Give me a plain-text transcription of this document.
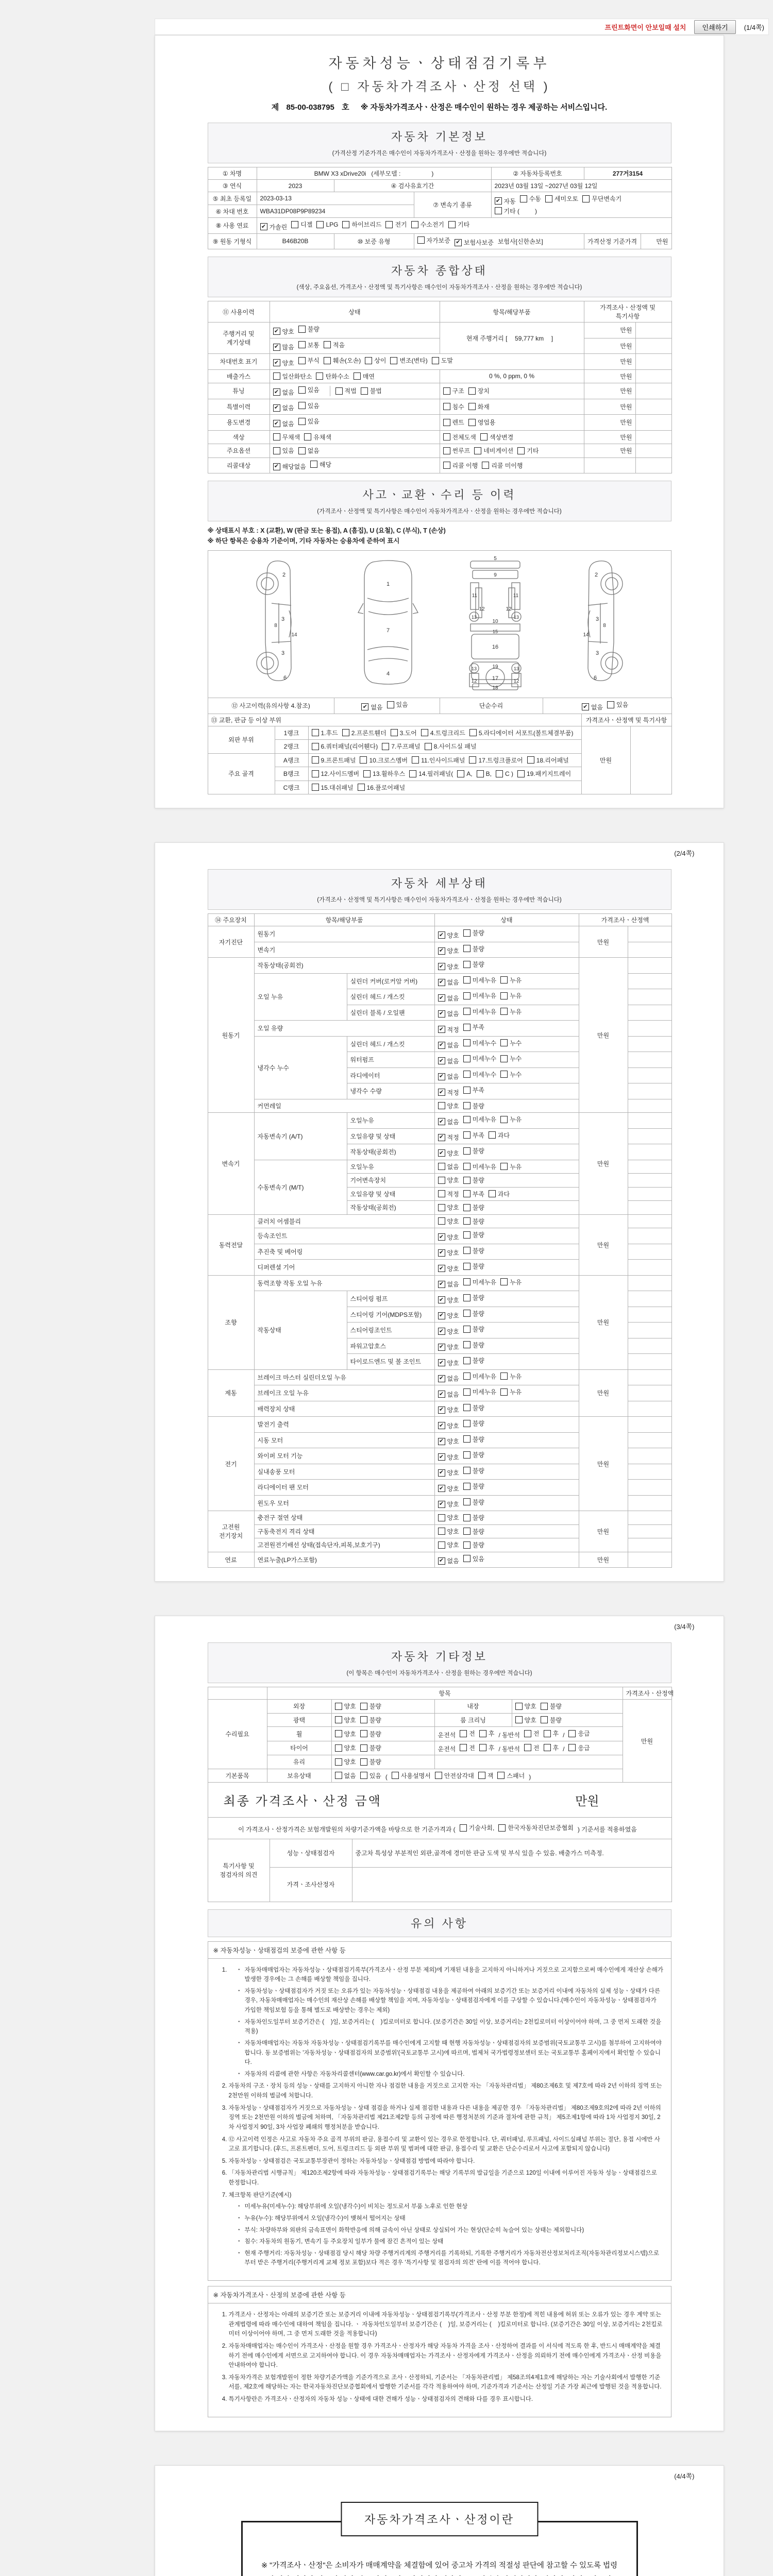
프린트화면이 안보일때 설치	인쇄하기	(1/4쪽)
자동차성능ㆍ상태점검기록부
( □ 자동차가격조사ㆍ산정 선택 )
제 85-00-038795 호 ※ 자동차가격조사ㆍ산정은 매수인이 원하는 경우 제공하는 서비스입니다.
자동차 기본정보
(가격산정 기준가격은 매수인이 자동차가격조사ㆍ산정을 원하는 경우에만 적습니다)
① 차명	BMW X3 xDrive20i (세부모델 :                  )			② 자동차등록번호	277거3154	
③ 연식	2023	④ 검사유효기간		2023년 03월 13일 ~2027년 03월 12일		
⑤ 최초 등록일	2023-03-13	⑦ 변속기 종류	
✔ 자동 수동 세미오토 무단변속기
기타 (         )

⑥ 차대 번호	WBA31DP08P9P89234					
⑧ 사용 연료	✔ 가솔린 디젤 LPG 하이브리드 전기 수소전기 기타

⑨ 원동 기형식	B46B20B	⑩ 보증 유형	자가보증 ✔ 보험사보증 보험사[신한손보]		가격산정 기준가격	만원
자동차 종합상태
(색상, 주요옵션, 가격조사ㆍ산정액 및 특기사항은 매수인이 자동차가격조사ㆍ산정을 원하는 경우에만 적습니다)
⑪ 사용이력	상태	항목/해당부품	가격조사ㆍ산정액 및 특기사항	
주행거리 및 계기상태	✔ 양호 불량	현재 주행거리 [  59,777 km  ]	만원	

✔ 많음 보통 적음		만원	
차대번호 표기	✔ 양호 부식 훼손(오손) 상이 변조(변타) 도말	만원	
배출가스	일산화탄소 탄화수소 매연	0 %, 0 ppm, 0 %	만원	
튜닝	✔ 없음 있음 적법 불법	구조 장치	만원	
특별이력	✔ 없음 있음	침수 화재	만원	
용도변경	✔ 없음 있음	렌트 영업용	만원	
색상	무채색 유채색	전체도색 색상변경	만원	
주요옵션	있음 없음	썬루프 네비게이션 기타	만원	
리콜대상	✔ 해당없음 해당	리콜 이행 리콜 미이행		

사고ㆍ교환ㆍ수리 등 이력
(가격조사ㆍ산정액 및 특기사항은 매수인이 자동차가격조사ㆍ산정을 원하는 경우에만 적습니다)
※ 상태표시 부호 : X (교환), W (판금 또는 용접), A (흠집), U (요철), C (부식), T (손상)
※ 하단 항목은 승용차 기준이며, 기타 자동차는 승용차에 준하여 표시
2
3
3
8
14
6
1
7
4
5
9
11	11
12	12
13	13
10
15
16
19
13	13
12	12
17
18
2
3
3
8
14
6
⑫ 사고이력(유의사항 4.참조)	✔ 없음 있음	단순수리	✔ 없음 있음
⑬ 교환, 판금 등 이상 부위			가격조사ㆍ산정액 및 특기사항	
외판 부위	1랭크	1.후드 2.프론트휀더 3.도어 4.트렁크리드 5.라디에이터 서포트(볼트체결부품)	만원	
	2랭크	6.쿼터패널(리어휀다) 7.루프패널 8.사이드실 패널		

주요 골격	A랭크	9.프론트패널 10.크로스멤버 11.인사이드패널 17.트렁크플로어 18.리어패널		

B랭크	12.사이드멤버 13.휠하우스 14.필러패널( A, B, C ) 19.패키지트레이

	C랭크	15.대쉬패널 16.플로어패널		
(2/4쪽)
자동차 세부상태
(가격조사ㆍ산정액 및 특기사항은 매수인이 자동차가격조사ㆍ산정을 원하는 경우에만 적습니다)
⑭ 주요장치	항목/해당부품		상태	가격조사ㆍ산정액	
자기진단	원동기		✔ 양호 불량	만원	
	변속기		✔ 양호 불량		

원동기	작동상태(공회전)		✔ 양호 불량	만원	
	오일 누유	실린더 커버(로커암 커버)	✔ 없음 미세누유 누유		

		실린더 헤드 / 개스킷	✔ 없음 미세누유 누유		

		실린더 블록 / 오일팬	✔ 없음 미세누유 누유		

	오일 유량		✔ 적정 부족		

	냉각수 누수	실린더 헤드 / 개스킷	✔ 없음 미세누수 누수		

		워터펌프	✔ 없음 미세누수 누수		

		라디에이터	✔ 없음 미세누수 누수		

		냉각수 수량	✔ 적정 부족		

	커먼레일		양호 불량		

변속기	자동변속기 (A/T)	오일누유	✔ 없음 미세누유 누유	만원	
		오일유량 및 상태	✔ 적정 부족 과다		

		작동상태(공회전)	✔ 양호 불량		

	수동변속기 (M/T)	오일누유	없음 미세누유 누유		

		기어변속장치	양호 불량		

		오일유량 및 상태	적정 부족 과다		

		작동상태(공회전)	양호 불량		

동력전달	클러치 어셈블리		양호 불량	만원	
	등속조인트		✔ 양호 불량		

	추진축 및 베어링		✔ 양호 불량		

	디퍼렌셜 기어		✔ 양호 불량		

조향	동력조향 작동 오일 누유		✔ 없음 미세누유 누유	만원	
	작동상태	스티어링 펌프	✔ 양호 불량		

		스티어링 기어(MDPS포함)	✔ 양호 불량		

		스티어링조인트	✔ 양호 불량		

		파워고압호스	✔ 양호 불량		

		타이로드엔드 및 볼 조인트	✔ 양호 불량		

제동	브레이크 마스터 실린더오일 누유		✔ 없음 미세누유 누유	만원	
	브레이크 오일 누유		✔ 없음 미세누유 누유		

	배력장치 상태		✔ 양호 불량		

전기	발전기 출력		✔ 양호 불량	만원	
	시동 모터		✔ 양호 불량		

	와이퍼 모터 기능		✔ 양호 불량		

	실내송풍 모터		✔ 양호 불량		

	라디에이터 팬 모터		✔ 양호 불량		

	윈도우 모터		✔ 양호 불량		

고전원 전기장치	충전구 절연 상태		양호 불량	만원	
	구동축전지 격리 상태		양호 불량		

	고전원전기배선 상태(접속단자,피복,보호기구)		양호 불량		

연료	연료누출(LP가스포함)		✔ 없음 있음	만원	
(3/4쪽)
자동차 기타정보
(이 항목은 매수인이 자동차가격조사ㆍ산정을 원하는 경우에만 적습니다)
	항목				가격조사ㆍ산정액
수리필요	외장	양호 불량	내장	양호 불량	만원
	광택	양호 불량	룸 크리닝	양호 불량	

휠	양호 불량	운전석 전 후 / 동반석 전 후 / 응급

타이어	양호 불량	운전석 전 후 / 동반석 전 후 / 응급

	유리	양호 불량			

기본품목	보유상태	없음 있음 ( 사용설명서 안전삼각대 잭 스패너 )
최종 가격조사ㆍ산정 금액	만원

이 가격조사ㆍ산정가격은 보험개발원의 차량기준가액을 바탕으로 한 기준가격과 ( 기술사회, 한국자동차진단보증협회 ) 기준서를 적용하였음
특기사항 및 점검자의 의견	성능ㆍ상태점검자	중고차 특성상 부분적인 외판,골격에 경미한 판금 도색 및 부식 있을 수 있음. 배출가스 미측정.
	가격ㆍ조사산정자	
유의 사항
※ 자동차성능ㆍ상태점검의 보증에 관한 사항 등
・ 1. 자동차매매업자는 자동차성능ㆍ상태점검기록부(가격조사ㆍ산정 부분 제외)에 기재된 내용을 고지하지 아니하거나 거짓으로 고지함으로써 매수인에게 재산상 손해가 발생한 경우에는 그 손해를 배상할 책임을 집니다.
・ 자동차성능ㆍ상태점검자가 거짓 또는 오류가 있는 자동차성능ㆍ상태점검 내용을 제공하여 아래의 보증기간 또는 보증거리 이내에 자동차의 실제 성능ㆍ상태가 다른 경우, 자동차매매업자는 매수인의 재산상 손해를 배상할 책임을 지며, 자동차성능ㆍ상태점검자에게 이를 구상할 수 있습니다.(매수인이 자동차성능ㆍ상태점검자가 가입한 책임보험 등을 통해 별도로 배상받는 경우는 제외)
・ 자동차인도일부터 보증기간은 (    )일, 보증거리는 (    )킬로미터로 합니다. (보증기간은 30일 이상, 보증거리는 2천킬로미터 이상이어야 하며, 그 중 먼저 도래한 것을 적용)
・ 자동차매매업자는 자동차 자동차성능ㆍ상태점검기록부를 매수인에게 고지할 때 현행 자동차성능ㆍ상태점검자의 보증범위(국토교통부 고시)를 첨부하여 고지하여야 합니다. 동 보증범위는 '자동차성능ㆍ상태점검자의 보증범위'(국토교통부 고시)에 따르며, 법제처 국가법령정보센터 또는 국토교통부 홈페이지에서 확인할 수 있습니다.
・ 자동차의 리콜에 관한 사항은 자동차리콜센터(www.car.go.kr)에서 확인할 수 있습니다.
2. 자동차의 구조ㆍ장치 등의 성능ㆍ상태를 고지하지 아니한 자나 점검한 내용을 거짓으로 고지한 자는 「자동차관리법」 제80조제6호 및 제7호에 따라 2년 이하의 징역 또는 2천만원 이하의 벌금에 처합니다.
3. 자동차성능ㆍ상태점검자가 거짓으로 자동차성능ㆍ상태 점검을 하거나 실제 점검한 내용과 다른 내용을 제공한 경우 「자동차관리법」 제80조제9호의2에 따라 2년 이하의 징역 또는 2천만원 이하의 벌금에 처하며, 「자동차관리법 제21조제2항 등의 규정에 따른 행정처분의 기준과 절차에 관한 규칙」 제5조제1항에 따라 1차 사업정지 30일, 2차 사업정지 90일, 3차 사업장 폐쇄의 행정처분을 받습니다.
4. ⑫ 사고이력 인정은 사고로 자동차 주요 골격 부위의 판금, 용접수리 및 교환이 있는 경우로 한정합니다. 단, 쿼터패널, 루프패널, 사이드실패널 부위는 절단, 용접 시에만 사고로 표기합니다. (후드, 프론트펜더, 도어, 트렁크리드 등 외판 부위 및 범퍼에 대한 판금, 용접수리 및 교환은 단순수리로서 사고에 포함되지 않습니다)
5. 자동차성능ㆍ상태점검은 국토교통부장관이 정하는 자동차성능ㆍ상태점검 방법에 따라야 합니다.
6. 「자동차관리법 시행규칙」 제120조제2항에 따라 자동차성능ㆍ상태점검기록부는 해당 기록부의 발급일을 기준으로 120일 이내에 이루어진 자동차 성능ㆍ상태점검으로 한정합니다.
7. 체크항목 판단기준(예시)
・ 미세누유(미세누수): 해당부위에 오일(냉각수)이 비치는 정도로서 부품 노후로 인한 현상
・ 누유(누수): 해당부위에서 오일(냉각수)이 맺혀서 떨어지는 상태
・ 부식: 차량하부와 외판의 금속표면이 화학반응에 의해 금속이 아닌 상태로 상실되어 가는 현상(단순히 녹슬어 있는 상태는 제외합니다)
・ 침수: 자동차의 원동기, 변속기 등 주요장치 일부가 물에 잠긴 흔적이 있는 상태
・ 현재 주행거리: 자동차성능ㆍ상태점검 당시 해당 차량 주행거리계의 주행거리를 기록하되, 기록한 주행거리가 자동차전산정보처리조직(자동차관리정보시스템)으로부터 받은 주행거리(주행거리계 교체 정보 포함)보다 적은 경우 '특기사항 및 점검자의 의견' 란에 이를 적어야 합니다.
※ 자동차가격조사ㆍ산정의 보증에 관한 사항 등
1. 가격조사ㆍ산정자는 아래의 보증기간 또는 보증거리 이내에 자동차성능ㆍ상태점검기록부(가격조사ㆍ산정 부분 한정)에 적힌 내용에 허위 또는 오류가 있는 경우 계약 또는 관계법령에 따라 매수인에 대하여 책임을 집니다. ㆍ 자동차인도일부터 보증기간은 (    )일, 보증거리는 (    )킬로미터로 합니다. (보증기간은 30일 이상, 보증거리는 2천킬로미터 이상이어야 하며, 그 중 먼저 도래한 것을 적용합니다)
2. 자동차매매업자는 매수인이 가격조사ㆍ산정을 원할 경우 가격조사ㆍ산정자가 해당 자동차 가격을 조사ㆍ산정하여 결과를 이 서식에 적도록 한 후, 반드시 매매계약을 체결하기 전에 매수인에게 서면으로 고지하여야 합니다. 이 경우 자동차매매업자는 가격조사ㆍ산정자에게 가격조사ㆍ산정을 의뢰하기 전에 매수인에게 가격조사ㆍ산정 비용을 안내하여야 합니다.
3. 자동차가격은 보험개발원이 정한 차량기준가액을 기준가격으로 조사ㆍ산정하되, 기준서는 「자동차관리법」 제58조의4제1호에 해당하는 자는 기술사회에서 발행한 기준서를, 제2호에 해당하는 자는 한국자동차진단보증협회에서 발행한 기준서를 각각 적용하여야 하며, 기준가격과 기준서는 산정일 기준 가장 최근에 발행된 것을 적용합니다.
4. 특기사항란은 가격조사ㆍ산정자의 자동차 성능ㆍ상태에 대한 견해가 성능ㆍ상태점검자의 견해와 다를 경우 표시합니다.
(4/4쪽)
자동차가격조사ㆍ산정이란
※ "가격조사ㆍ산정"은 소비자가 매매계약을 체결함에 있어 중고차 가격의 적절성 판단에 참고할 수 있도록 법령
